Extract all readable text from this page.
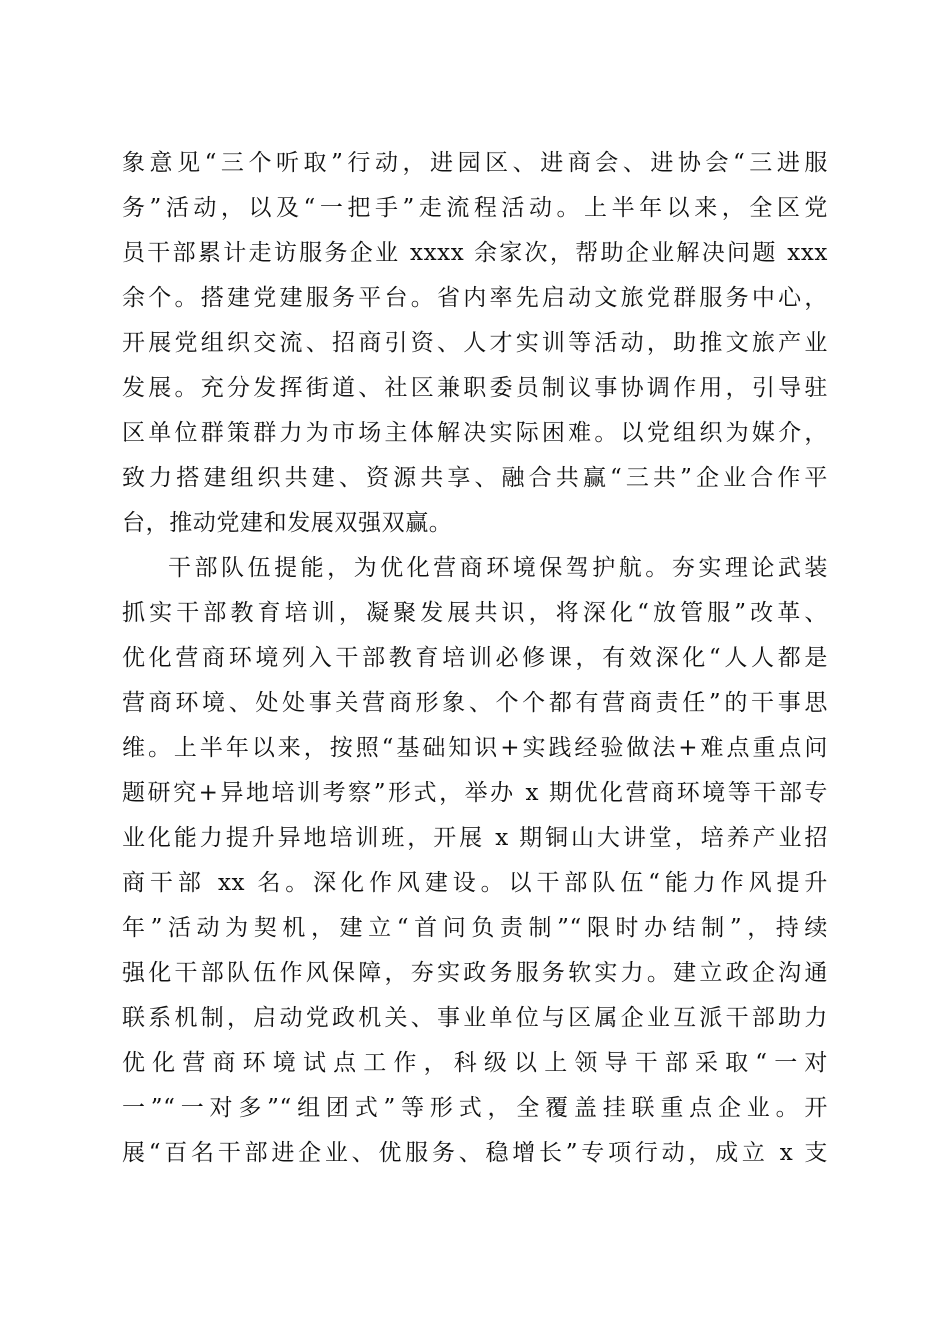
象意见“三个听取”行动，进园区、进商会、进协会“三进服
务”活动，以及“一把手”走流程活动。上半年以来，全区党
员干部累计走访服务企业 xxxx 余家次，帮助企业解决问题 xxx
余个。搭建党建服务平台。省内率先启动文旅党群服务中心，
开展党组织交流、招商引资、人才实训等活动，助推文旅产业
发展。充分发挥街道、社区兼职委员制议事协调作用，引导驻
区单位群策群力为市场主体解决实际困难。以党组织为媒介，
致力搭建组织共建、资源共享、融合共赢“三共”企业合作平
台，推动党建和发展双强双赢。
干部队伍提能，为优化营商环境保驾护航。夯实理论武装
抓实干部教育培训，凝聚发展共识，将深化“放管服”改革、
优化营商环境列入干部教育培训必修课，有效深化“人人都是
营商环境、处处事关营商形象、个个都有营商责任”的干事思
维。上半年以来，按照“基础知识+实践经验做法+难点重点问
题研究+异地培训考察”形式，举办 x 期优化营商环境等干部专
业化能力提升异地培训班，开展 x 期铜山大讲堂，培养产业招
商干部 xx 名。深化作风建设。以干部队伍“能力作风提升
年”活动为契机，建立“首问负责制”“限时办结制”，持续
强化干部队伍作风保障，夯实政务服务软实力。建立政企沟通
联系机制，启动党政机关、事业单位与区属企业互派干部助力
优化营商环境试点工作，科级以上领导干部采取“一对
一”“一对多”“组团式”等形式，全覆盖挂联重点企业。开
展“百名干部进企业、优服务、稳增长”专项行动，成立 x 支
